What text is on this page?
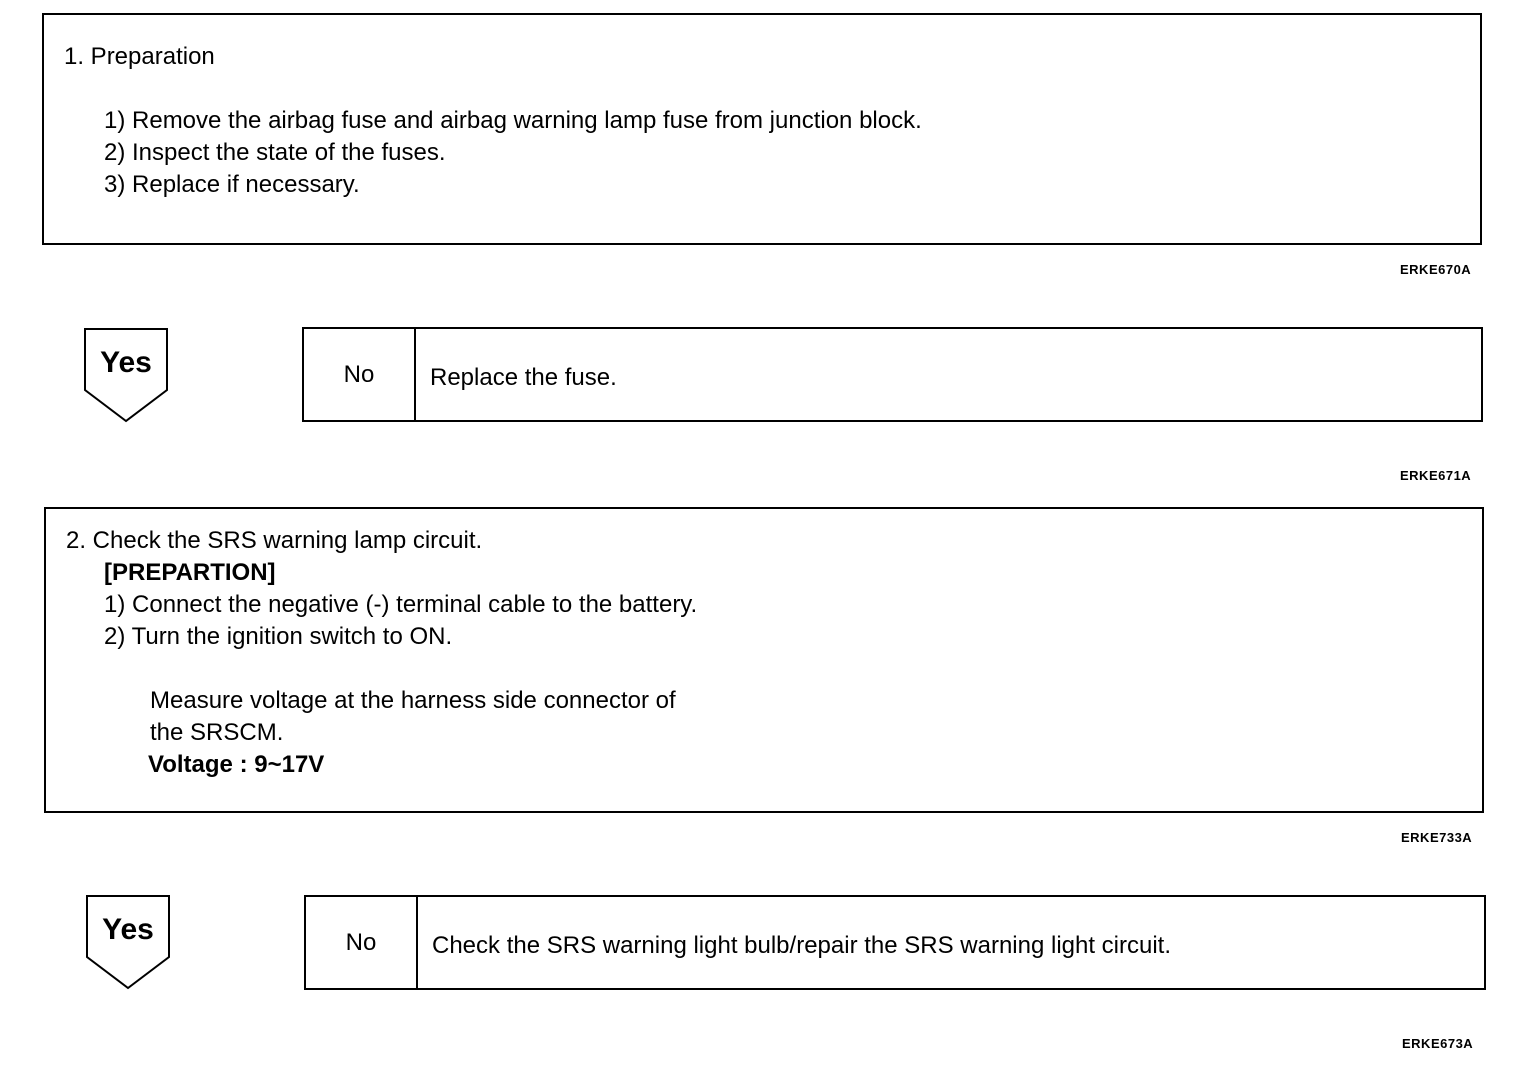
1. Preparation
1) Remove the airbag fuse and airbag warning lamp fuse from junction block.
2) Inspect the state of the fuses.
3) Replace if necessary.
ERKE670A
Yes	No	Replace the fuse.
ERKE671A
2. Check the SRS warning lamp circuit.
[PREPARTION]
1) Connect the negative (-) terminal cable to the battery.
2) Turn the ignition switch to ON.
Measure voltage at the harness side connector of
the SRSCM.
Voltage : 9~17V
ERKE733A
Yes	No	Check the SRS warning light bulb/repair the SRS warning light circuit.
ERKE673A
